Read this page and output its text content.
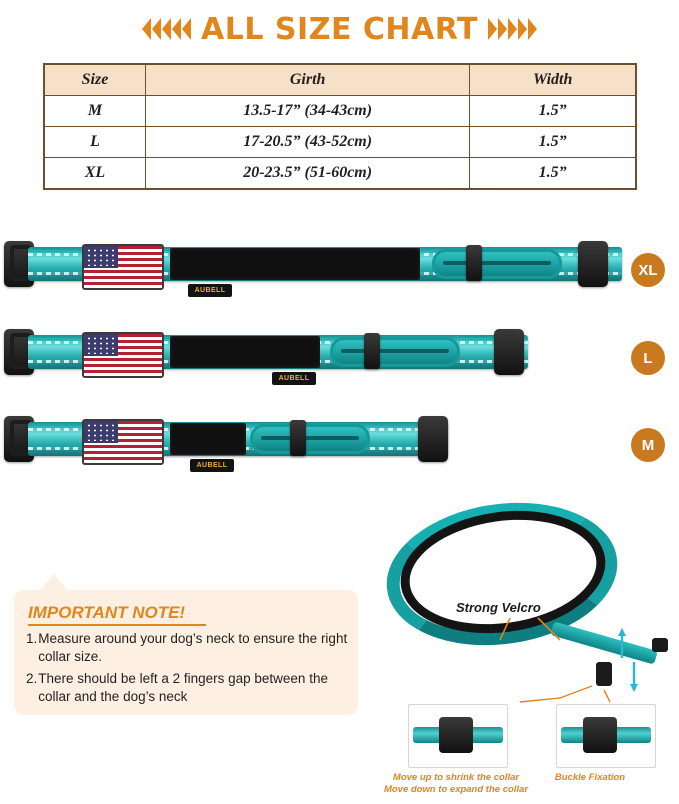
ALL SIZE CHART
Size	Girth	Width
M	13.5-17” (34-43cm)	1.5”
L	17-20.5” (43-52cm)	1.5”
XL	20-23.5” (51-60cm)	1.5”
AUBELL
XL
AUBELL
L
AUBELL
M
IMPORTANT NOTE!
1. Measure around your dog’s neck to ensure the right collar size.
2. There should be left a 2 fingers gap between the collar and the dog’s neck
Strong Velcro
Move up to shrink the collar
Move down to expand the collar
Buckle Fixation
